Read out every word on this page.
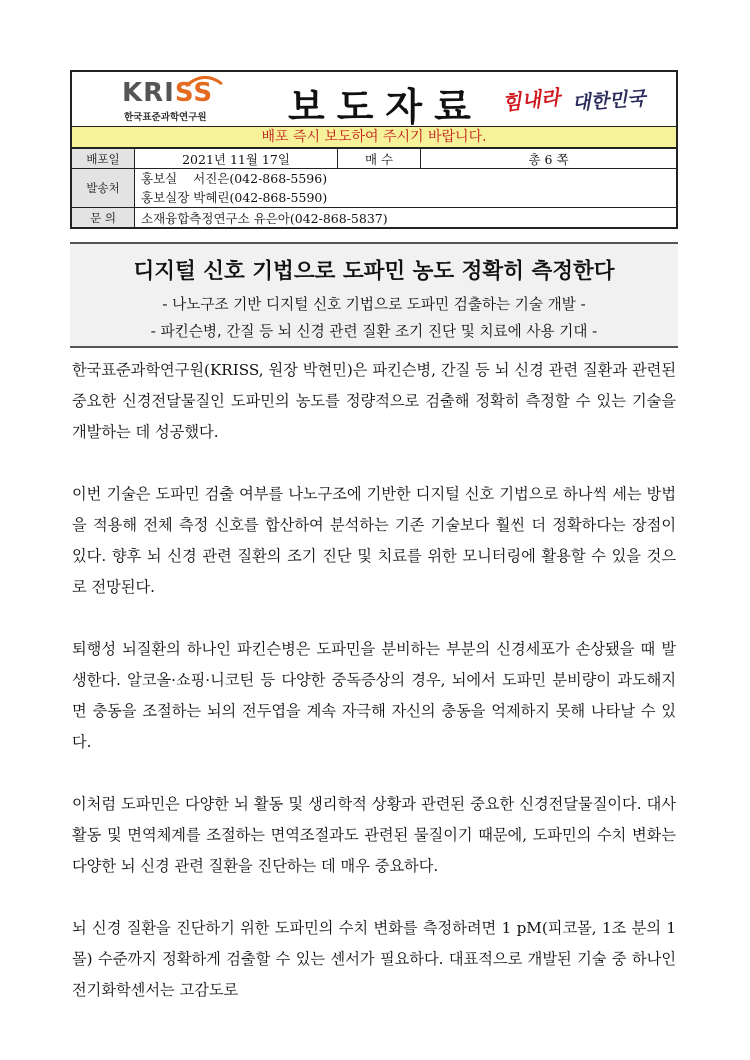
KRISS
한국표준과학연구원 보도자료 힘내라 대한민국
배포 즉시 보도하여 주시기 바랍니다.
배포일	2021년 11월 17일	매 수	총 6 쪽
발송처	홍보실    서진은(042-868-5596)
홍보실장 박혜린(042-868-5590)		

문 의	소재융합측정연구소 유은아(042-868-5837)		
디지털 신호 기법으로 도파민 농도 정확히 측정한다
- 나노구조 기반 디지털 신호 기법으로 도파민 검출하는 기술 개발 -
- 파킨슨병, 간질 등 뇌 신경 관련 질환 조기 진단 및 치료에 사용 기대 -

한국표준과학연구원(KRISS, 원장 박현민)은 파킨슨병, 간질 등 뇌 신경 관련 질환과 관련된 중요한 신경전달물질인 도파민의 농도를 정량적으로 검출해 정확히 측정할 수 있는 기술을 개발하는 데 성공했다.

이번 기술은 도파민 검출 여부를 나노구조에 기반한 디지털 신호 기법으로 하나씩 세는 방법을 적용해 전체 측정 신호를 합산하여 분석하는 기존 기술보다 훨씬 더 정확하다는 장점이 있다. 향후 뇌 신경 관련 질환의 조기 진단 및 치료를 위한 모니터링에 활용할 수 있을 것으로 전망된다.

퇴행성 뇌질환의 하나인 파킨슨병은 도파민을 분비하는 부분의 신경세포가 손상됐을 때 발생한다. 알코올·쇼핑·니코틴 등 다양한 중독증상의 경우, 뇌에서 도파민 분비량이 과도해지면 충동을 조절하는 뇌의 전두엽을 계속 자극해 자신의 충동을 억제하지 못해 나타날 수 있다.

이처럼 도파민은 다양한 뇌 활동 및 생리학적 상황과 관련된 중요한 신경전달물질이다. 대사활동 및 면역체계를 조절하는 면역조절과도 관련된 물질이기 때문에, 도파민의 수치 변화는 다양한 뇌 신경 관련 질환을 진단하는 데 매우 중요하다.

뇌 신경 질환을 진단하기 위한 도파민의 수치 변화를 측정하려면 1 pM(피코몰, 1조 분의 1 몰) 수준까지 정확하게 검출할 수 있는 센서가 필요하다. 대표적으로 개발된 기술 중 하나인 전기화학센서는 고감도로
